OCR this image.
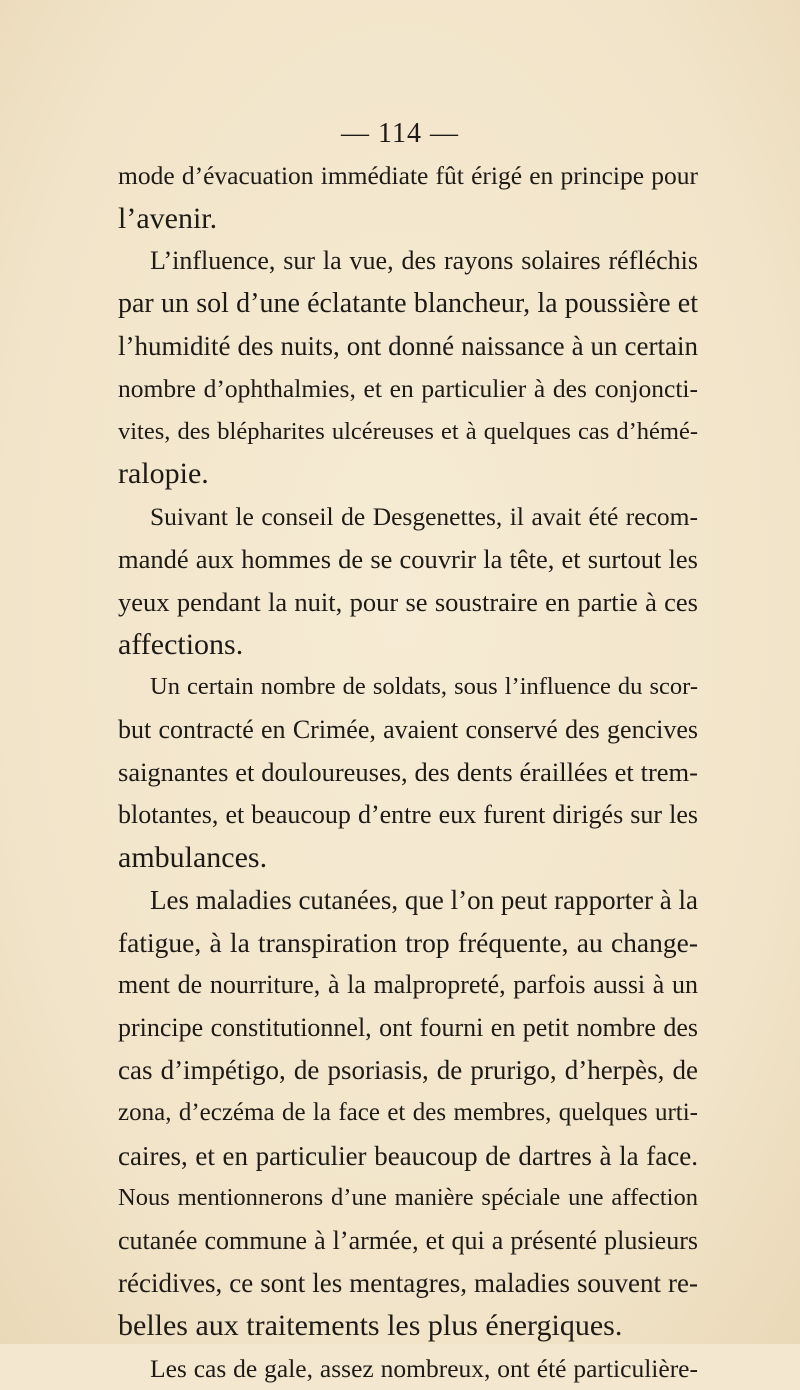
— 114 —
mode d’évacuation immédiate fût érigé en principe pour
l’avenir.
L’influence, sur la vue, des rayons solaires réfléchis
par un sol d’une éclatante blancheur, la poussière et
l’humidité des nuits, ont donné naissance à un certain
nombre d’ophthalmies, et en particulier à des conjoncti-
vites, des blépharites ulcéreuses et à quelques cas d’hémé-
ralopie.
Suivant le conseil de Desgenettes, il avait été recom-
mandé aux hommes de se couvrir la tête, et surtout les
yeux pendant la nuit, pour se soustraire en partie à ces
affections.
Un certain nombre de soldats, sous l’influence du scor-
but contracté en Crimée, avaient conservé des gencives
saignantes et douloureuses, des dents éraillées et trem-
blotantes, et beaucoup d’entre eux furent dirigés sur les
ambulances.
Les maladies cutanées, que l’on peut rapporter à la
fatigue, à la transpiration trop fréquente, au change-
ment de nourriture, à la malpropreté, parfois aussi à un
principe constitutionnel, ont fourni en petit nombre des
cas d’impétigo, de psoriasis, de prurigo, d’herpès, de
zona, d’eczéma de la face et des membres, quelques urti-
caires, et en particulier beaucoup de dartres à la face.
Nous mentionnerons d’une manière spéciale une affection
cutanée commune à l’armée, et qui a présenté plusieurs
récidives, ce sont les mentagres, maladies souvent re-
belles aux traitements les plus énergiques.
Les cas de gale, assez nombreux, ont été particulière-
